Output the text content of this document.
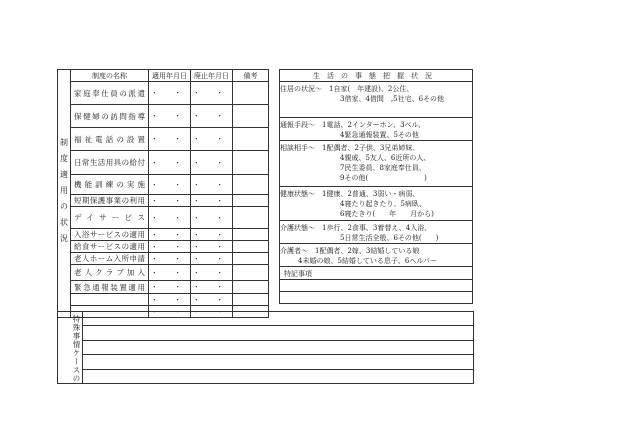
制度適用の状況	制度の名称	適用年月日	廃止年月日	備考
	家庭奉仕員の派遣	・ ・	・ ・	
	保健婦の訪問指導	・ ・	・ ・	
	福祉電話の設置	・ ・	・ ・	
	日常生活用具の給付	・ ・	・ ・	
	機能訓練の実施	・ ・	・ ・	
	短期保護事業の利用	・ ・	・ ・	
	デイサービス	・ ・	・ ・	
	入浴サービスの適用	・ ・	・ ・	
	給食サービスの適用	・ ・	・ ・	
	老人ホーム入所申請	・ ・	・ ・	
	老人クラブ加入	・ ・	・ ・	
	緊急通報装置適用	・ ・	・ ・	
		・ ・	・ ・	
		・ ・	・ ・	
生活の事態把握状況

住居の状況〜　 1自家(　年建設)、2公住、
3借家、4借間　,5社宅、6その他

通報手段〜　 1電話、2インターホン、3ベル、
4緊急通報装置、5その他

相談相手〜　 1配偶者、2子供、3兄弟姉妹、
4親戚、5友人、6近所の人、
7民生委員、8家庭奉仕員、
9その他(　　　　　　　　)

健康状態〜　 1健康、2普通、3弱い・病弱、
4寝たり起きたり、5病臥、
6寝たきり(　　年　　月から)

介護状態〜　 1歩行、2食事、3着替え、4入浴、
5日常生活全般、6その他(　　)

介護者〜　 1配偶者、2嫁、3結婚している娘
4未婚の娘、5結婚している息子、6ヘルパー

特記事項

特殊事情ケースの	
